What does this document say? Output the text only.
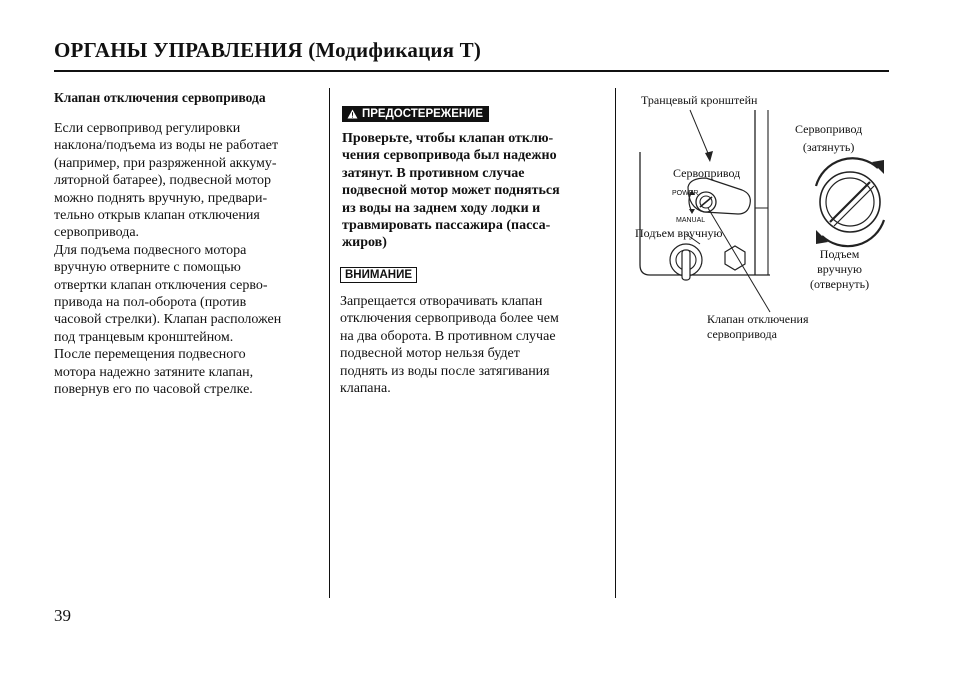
ОРГАНЫ УПРАВЛЕНИЯ (Модификация T)
Клапан отключения сервопривода
Если сервопривод регулировки
наклона/подъема из воды не работает
(например, при разряженной аккуму-
ляторной батарее), подвесной мотор
можно поднять вручную, предвари-
тельно открыв клапан отключения
сервопривода.
Для подъема подвесного мотора
вручную отверните с помощью
отвертки клапан отключения серво-
привода на пол-оборота (против
часовой стрелки). Клапан расположен
под транцевым кронштейном.
После перемещения подвесного
мотора надежно затяните клапан,
повернув его по часовой стрелке.
ПРЕДОСТЕРЕЖЕНИЕ
Проверьте, чтобы клапан отклю-
чения сервопривода был надежно
затянут. В противном случае
подвесной мотор может подняться
из воды на заднем ходу лодки и
травмировать пассажира (пасса-
жиров)
ВНИМАНИЕ
Запрещается отворачивать клапан
отключения сервопривода более чем
на два оборота. В противном случае
подвесной мотор нельзя будет
поднять из воды после затягивания
клапана.
Транцевый кронштейн
Сервопривод
(затянуть)
Сервопривод
POWER
MANUAL
Подъем вручную
Подъем
вручную
(отвернуть)
Клапан отключения
сервопривода
39
